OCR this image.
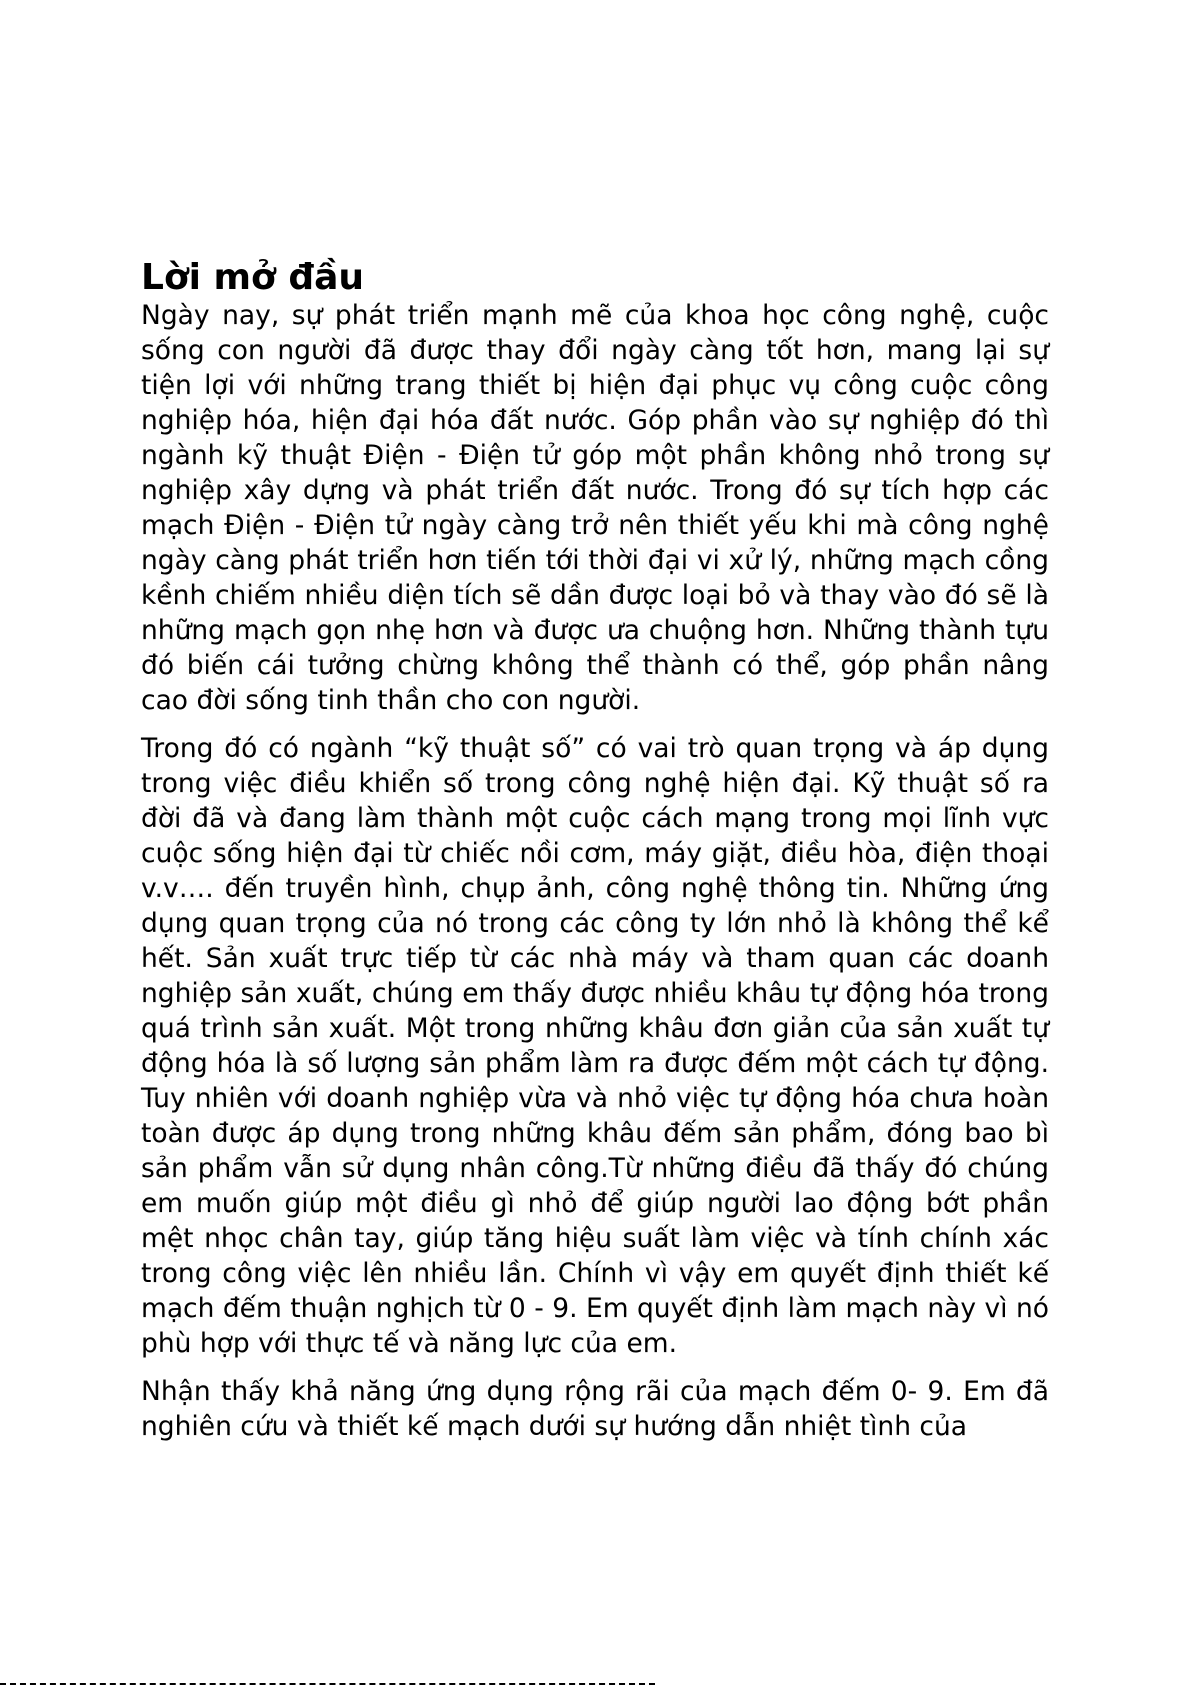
Lời mở đầu

Ngày nay, sự phát triển mạnh mẽ của khoa học công nghệ, cuộc sống con người đã được thay đổi ngày càng tốt hơn, mang lại sự tiện lợi với những trang thiết bị hiện đại phục vụ công cuộc công nghiệp hóa, hiện đại hóa đất nước. Góp phần vào sự nghiệp đó thì ngành kỹ thuật Điện - Điện tử góp một phần không nhỏ trong sự nghiệp xây dựng và phát triển đất nước. Trong đó sự tích hợp các mạch Điện - Điện tử ngày càng trở nên thiết yếu khi mà công nghệ ngày càng phát triển hơn tiến tới thời đại vi xử lý, những mạch cồng kềnh chiếm nhiều diện tích sẽ dần được loại bỏ và thay vào đó sẽ là những mạch gọn nhẹ hơn và được ưa chuộng hơn. Những thành tựu đó biến cái tưởng chừng không thể thành có thể, góp phần nâng cao đời sống tinh thần cho con người.

Trong đó có ngành “kỹ thuật số” có vai trò quan trọng và áp dụng trong việc điều khiển số trong công nghệ hiện đại. Kỹ thuật số ra đời đã và đang làm thành một cuộc cách mạng trong mọi lĩnh vực cuộc sống hiện đại từ chiếc nồi cơm, máy giặt, điều hòa, điện thoại v.v…. đến truyền hình, chụp ảnh, công nghệ thông tin. Những ứng dụng quan trọng của nó trong các công ty lớn nhỏ là không thể kể hết. Sản xuất trực tiếp từ các nhà máy và tham quan các doanh nghiệp sản xuất, chúng em thấy được nhiều khâu tự động hóa trong quá trình sản xuất. Một trong những khâu đơn giản của sản xuất tự động hóa là số lượng sản phẩm làm ra được đếm một cách tự động. Tuy nhiên với doanh nghiệp vừa và nhỏ việc tự động hóa chưa hoàn toàn được áp dụng trong những khâu đếm sản phẩm, đóng bao bì sản phẩm vẫn sử dụng nhân công.Từ những điều đã thấy đó chúng em muốn giúp một điều gì nhỏ để giúp người lao động bớt phần mệt nhọc chân tay, giúp tăng hiệu suất làm việc và tính chính xác trong công việc lên nhiều lần. Chính vì vậy em quyết định thiết kế mạch đếm thuận nghịch từ 0 - 9. Em quyết định làm mạch này vì nó phù hợp với thực tế và năng lực của em.

Nhận thấy khả năng ứng dụng rộng rãi của mạch đếm 0- 9. Em đã nghiên cứu và thiết kế mạch dưới sự hướng dẫn nhiệt tình của
